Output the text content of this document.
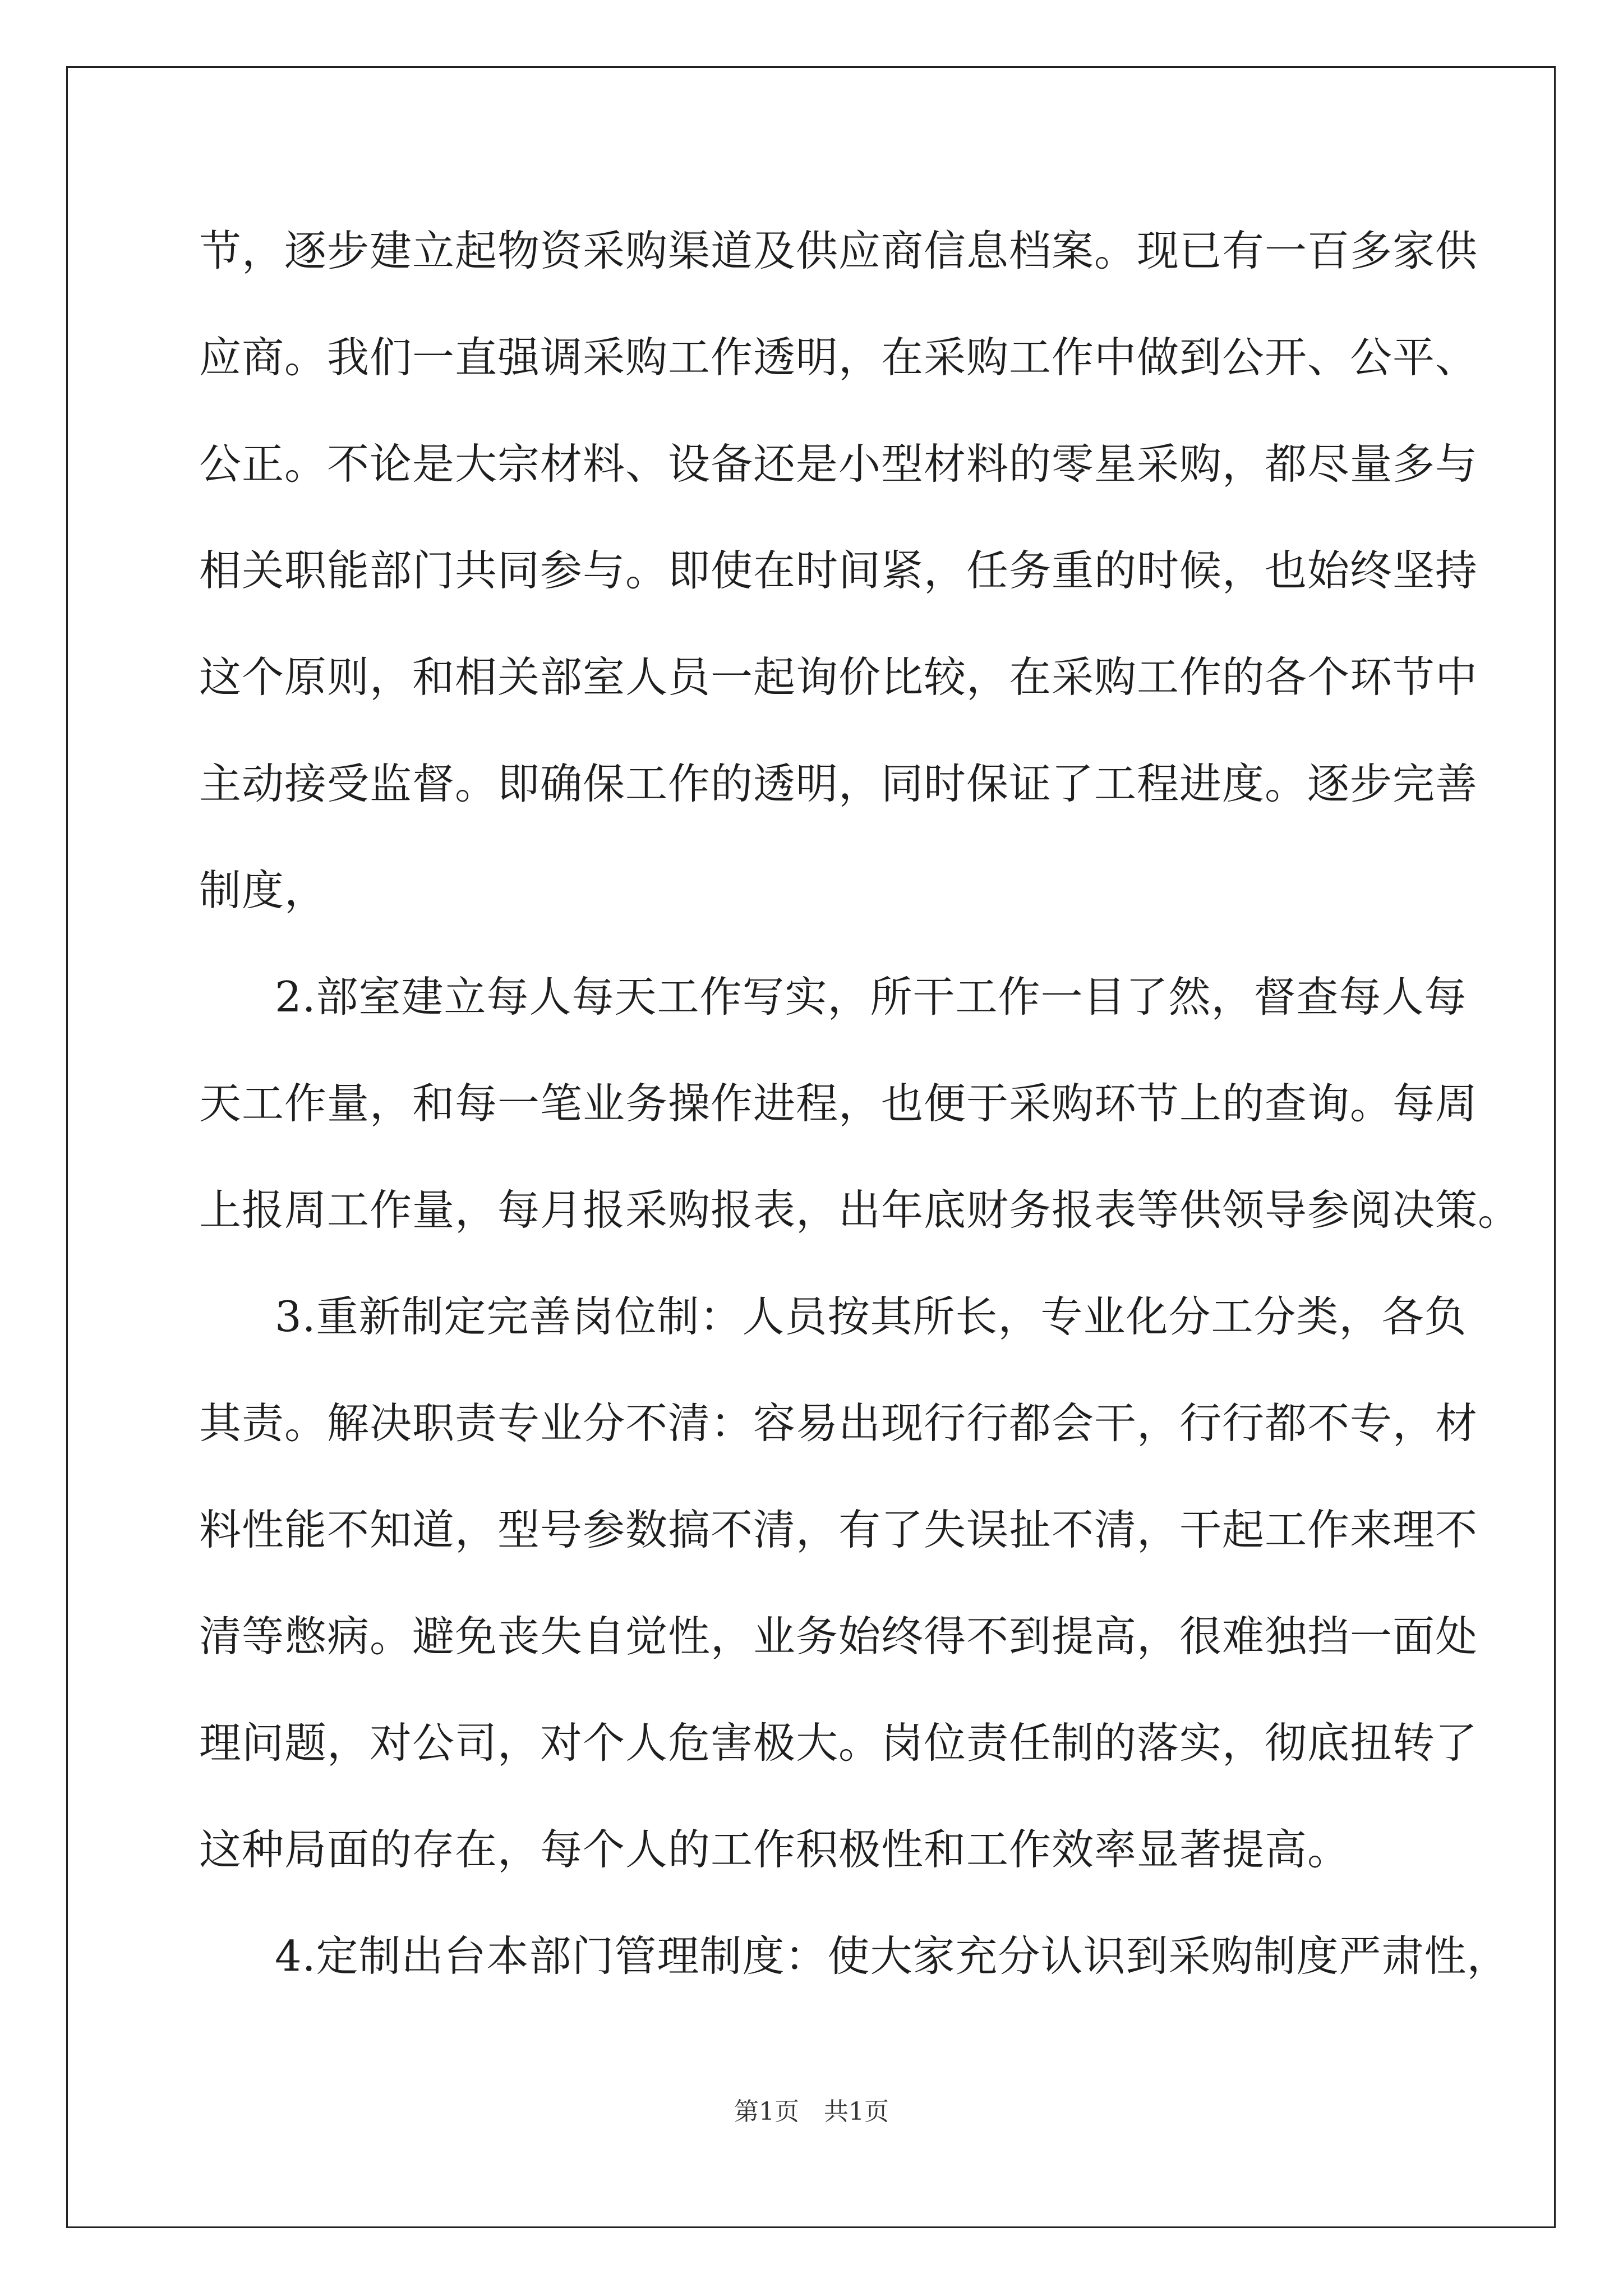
节，逐步建立起物资采购渠道及供应商信息档案。现已有一百多家供
应商。我们一直强调采购工作透明，在采购工作中做到公开、公平、
公正。不论是大宗材料、设备还是小型材料的零星采购，都尽量多与
相关职能部门共同参与。即使在时间紧，任务重的时候，也始终坚持
这个原则，和相关部室人员一起询价比较，在采购工作的各个环节中
主动接受监督。即确保工作的透明，同时保证了工程进度。逐步完善
制度，
2.部室建立每人每天工作写实，所干工作一目了然，督查每人每
天工作量，和每一笔业务操作进程，也便于采购环节上的查询。每周
上报周工作量，每月报采购报表，出年底财务报表等供领导参阅决策。
3.重新制定完善岗位制：人员按其所长，专业化分工分类，各负
其责。解决职责专业分不清：容易出现行行都会干，行行都不专，材
料性能不知道，型号参数搞不清，有了失误扯不清，干起工作来理不
清等憋病。避免丧失自觉性，业务始终得不到提高，很难独挡一面处
理问题，对公司，对个人危害极大。岗位责任制的落实，彻底扭转了
这种局面的存在，每个人的工作积极性和工作效率显著提高。
4.定制出台本部门管理制度：使大家充分认识到采购制度严肃性，
第1页　共1页
